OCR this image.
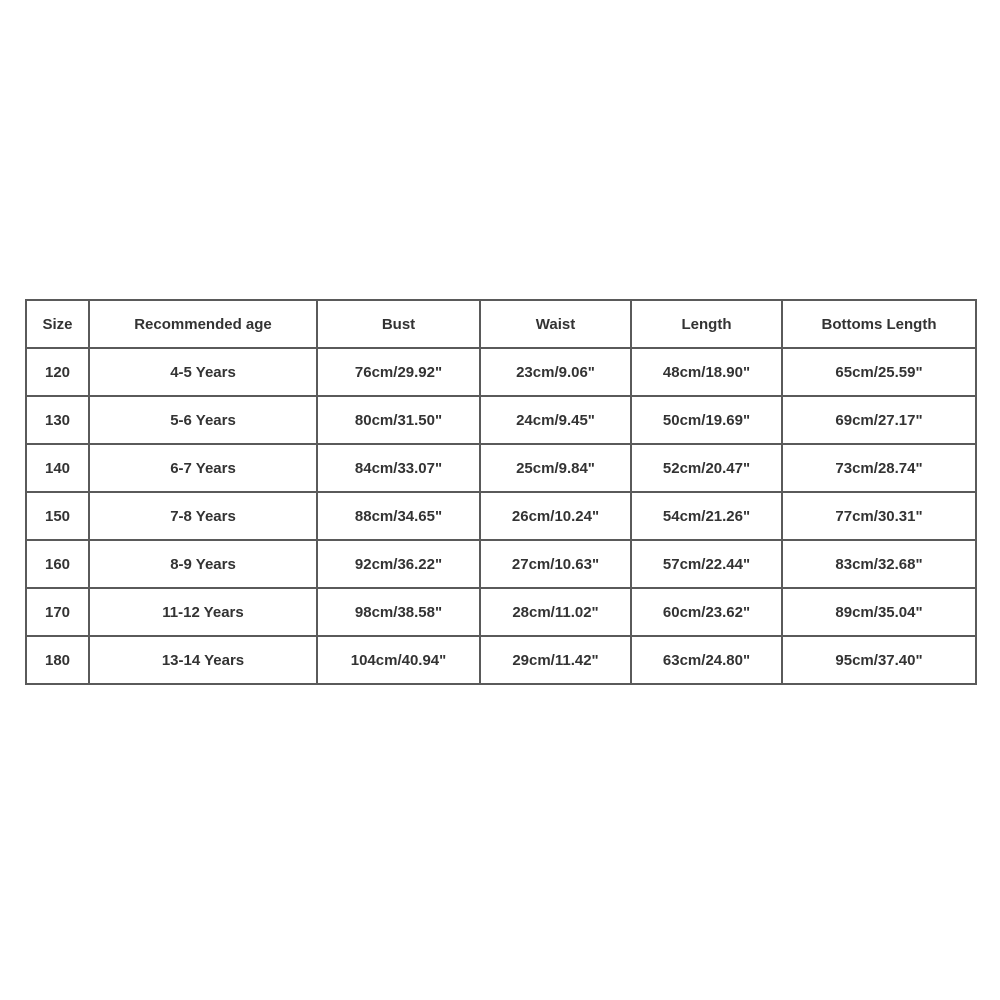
Size	Recommended age	Bust	Waist	Length	Bottoms Length
120	4-5 Years	76cm/29.92"	23cm/9.06"	48cm/18.90"	65cm/25.59"
130	5-6 Years	80cm/31.50"	24cm/9.45"	50cm/19.69"	69cm/27.17"
140	6-7 Years	84cm/33.07"	25cm/9.84"	52cm/20.47"	73cm/28.74"
150	7-8 Years	88cm/34.65"	26cm/10.24"	54cm/21.26"	77cm/30.31"
160	8-9 Years	92cm/36.22"	27cm/10.63"	57cm/22.44"	83cm/32.68"
170	11-12 Years	98cm/38.58"	28cm/11.02"	60cm/23.62"	89cm/35.04"
180	13-14 Years	104cm/40.94"	29cm/11.42"	63cm/24.80"	95cm/37.40"
